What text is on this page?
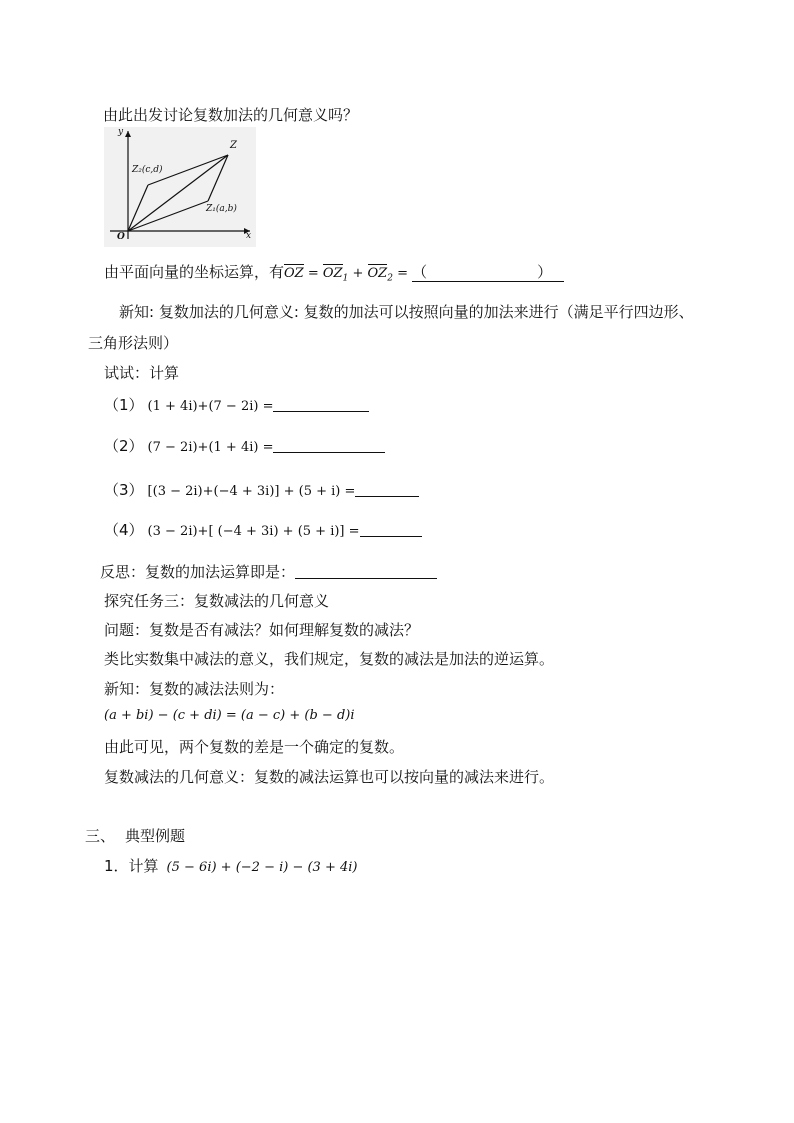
由此出发讨论复数加法的几何意义吗？
y
x
O
Z
Z₂(c,d)
Z₁(a,b)
由平面向量的坐标运算，有OZ = $OZ_1 + OZ_2$ = （	）
新知: 复数加法的几何意义: 复数的加法可以按照向量的加法来进行（满足平行四边形、
三角形法则）
试试：计算
（1） (1 + 4i)+(7 − 2i) =
（2） (7 − 2i)+(1 + 4i) =
（3） [(3 − 2i)+(−4 + 3i)] + (5 + i) =
（4） (3 − 2i)+[ (−4 + 3i) + (5 + i)] =
反思：复数的加法运算即是：
探究任务三：复数减法的几何意义
问题：复数是否有减法？如何理解复数的减法？
类比实数集中减法的意义，我们规定，复数的减法是加法的逆运算。
新知：复数的减法法则为：
(a + bi) − (c + di) = (a − c) + (b − d)i
由此可见，两个复数的差是一个确定的复数。
复数减法的几何意义：复数的减法运算也可以按向量的减法来进行。
三、 典型例题
1．计算 (5 − 6i) + (−2 − i) − (3 + 4i)
